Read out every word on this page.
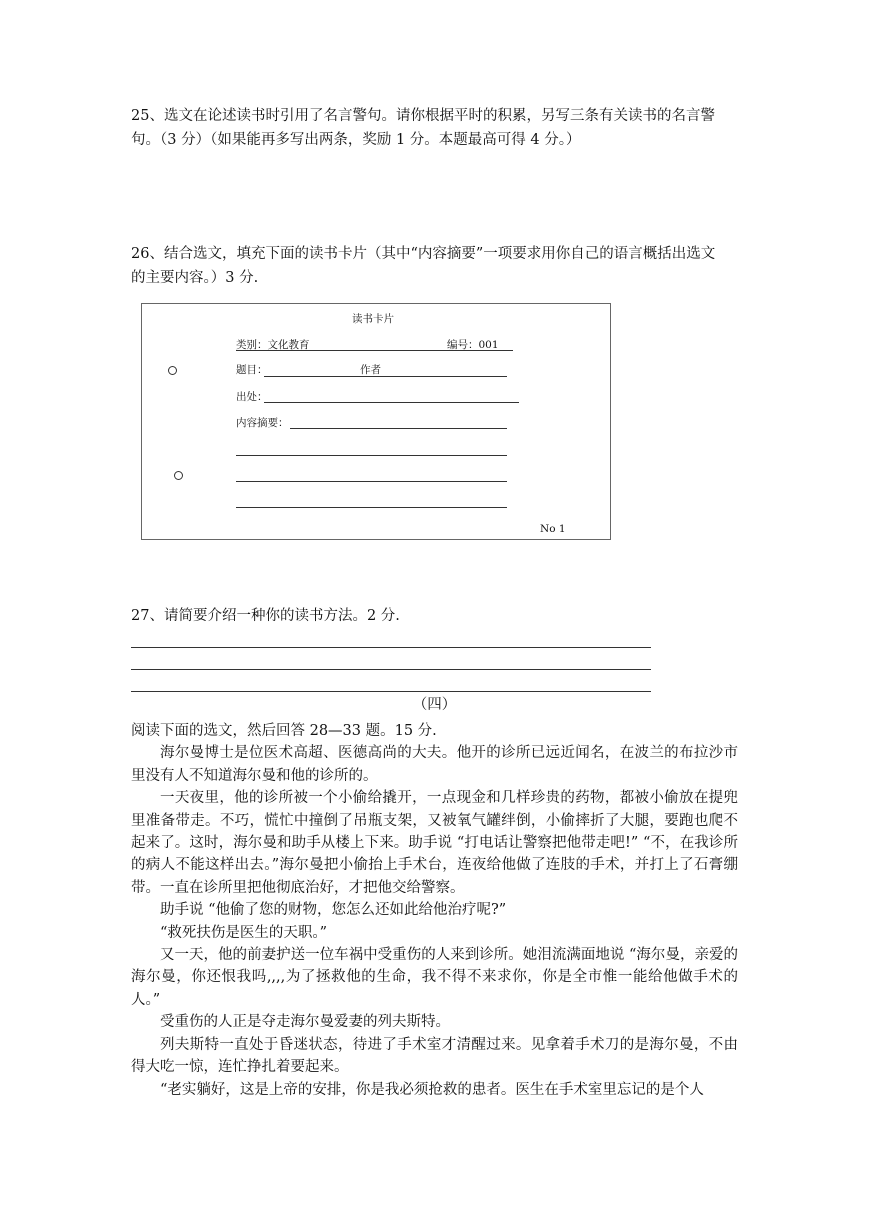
25、选文在论述读书时引用了名言警句。请你根据平时的积累，另写三条有关读书的名言警
句。（3 分）（如果能再多写出两条，奖励 1 分。本题最高可得 4 分。）
26、结合选文，填充下面的读书卡片（其中“内容摘要”一项要求用你自己的语言概括出选文
的主要内容。）3 分.
读书卡片
类别：文化教育	编号：001
题目：	作者
出处：
内容摘要：
No 1
27、请简要介绍一种你的读书方法。2 分.
（四）

阅读下面的选文，然后回答 28—33 题。15 分.

海尔曼博士是位医术高超、医德高尚的大夫。他开的诊所已远近闻名，在波兰的布拉沙市里没有人不知道海尔曼和他的诊所的。

一天夜里，他的诊所被一个小偷给撬开，一点现金和几样珍贵的药物，都被小偷放在提兜里准备带走。不巧，慌忙中撞倒了吊瓶支架，又被氧气罐绊倒，小偷摔折了大腿，要跑也爬不起来了。这时，海尔曼和助手从楼上下来。助手说 “打电话让警察把他带走吧!” “不，在我诊所的病人不能这样出去。”海尔曼把小偷抬上手术台，连夜给他做了连肢的手术，并打上了石膏绷带。一直在诊所里把他彻底治好，才把他交给警察。

助手说 “他偷了您的财物，您怎么还如此给他治疗呢?”

“救死扶伤是医生的天职。”

又一天，他的前妻护送一位车祸中受重伤的人来到诊所。她泪流满面地说 “海尔曼，亲爱的海尔曼，你还恨我吗,,,,为了拯救他的生命，我不得不来求你，你是全市惟一能给他做手术的人。”

受重伤的人正是夺走海尔曼爱妻的列夫斯特。

列夫斯特一直处于昏迷状态，待进了手术室才清醒过来。见拿着手术刀的是海尔曼，不由得大吃一惊，连忙挣扎着要起来。

“老实躺好，这是上帝的安排，你是我必须抢救的患者。医生在手术室里忘记的是个人
